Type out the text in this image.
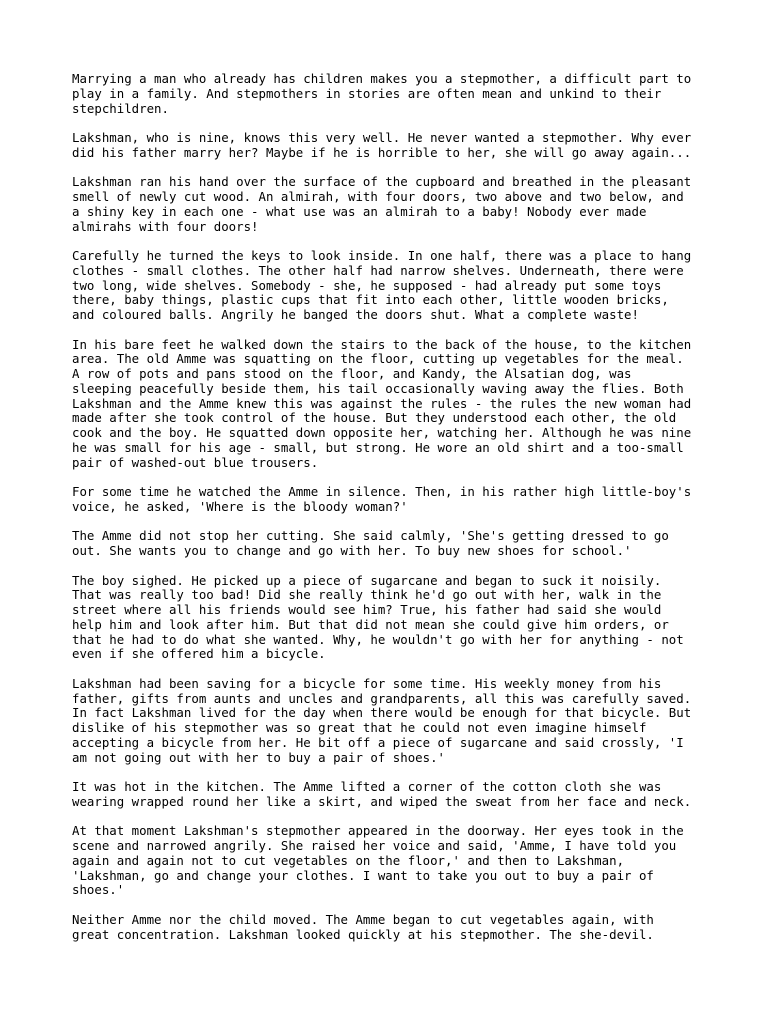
Marrying a man who already has children makes you a stepmother, a difficult part to
play in a family. And stepmothers in stories are often mean and unkind to their
stepchildren.

Lakshman, who is nine, knows this very well. He never wanted a stepmother. Why ever
did his father marry her? Maybe if he is horrible to her, she will go away again...

Lakshman ran his hand over the surface of the cupboard and breathed in the pleasant
smell of newly cut wood. An almirah, with four doors, two above and two below, and
a shiny key in each one - what use was an almirah to a baby! Nobody ever made
almirahs with four doors!

Carefully he turned the keys to look inside. In one half, there was a place to hang
clothes - small clothes. The other half had narrow shelves. Underneath, there were
two long, wide shelves. Somebody - she, he supposed - had already put some toys
there, baby things, plastic cups that fit into each other, little wooden bricks,
and coloured balls. Angrily he banged the doors shut. What a complete waste!

In his bare feet he walked down the stairs to the back of the house, to the kitchen
area. The old Amme was squatting on the floor, cutting up vegetables for the meal.
A row of pots and pans stood on the floor, and Kandy, the Alsatian dog, was
sleeping peacefully beside them, his tail occasionally waving away the flies. Both
Lakshman and the Amme knew this was against the rules - the rules the new woman had
made after she took control of the house. But they understood each other, the old
cook and the boy. He squatted down opposite her, watching her. Although he was nine
he was small for his age - small, but strong. He wore an old shirt and a too-small
pair of washed-out blue trousers.

For some time he watched the Amme in silence. Then, in his rather high little-boy's
voice, he asked, 'Where is the bloody woman?'

The Amme did not stop her cutting. She said calmly, 'She's getting dressed to go
out. She wants you to change and go with her. To buy new shoes for school.'

The boy sighed. He picked up a piece of sugarcane and began to suck it noisily.
That was really too bad! Did she really think he'd go out with her, walk in the
street where all his friends would see him? True, his father had said she would
help him and look after him. But that did not mean she could give him orders, or
that he had to do what she wanted. Why, he wouldn't go with her for anything - not
even if she offered him a bicycle.

Lakshman had been saving for a bicycle for some time. His weekly money from his
father, gifts from aunts and uncles and grandparents, all this was carefully saved.
In fact Lakshman lived for the day when there would be enough for that bicycle. But
dislike of his stepmother was so great that he could not even imagine himself
accepting a bicycle from her. He bit off a piece of sugarcane and said crossly, 'I
am not going out with her to buy a pair of shoes.'

It was hot in the kitchen. The Amme lifted a corner of the cotton cloth she was
wearing wrapped round her like a skirt, and wiped the sweat from her face and neck.

At that moment Lakshman's stepmother appeared in the doorway. Her eyes took in the
scene and narrowed angrily. She raised her voice and said, 'Amme, I have told you
again and again not to cut vegetables on the floor,' and then to Lakshman,
'Lakshman, go and change your clothes. I want to take you out to buy a pair of
shoes.'

Neither Amme nor the child moved. The Amme began to cut vegetables again, with
great concentration. Lakshman looked quickly at his stepmother. The she-devil.
